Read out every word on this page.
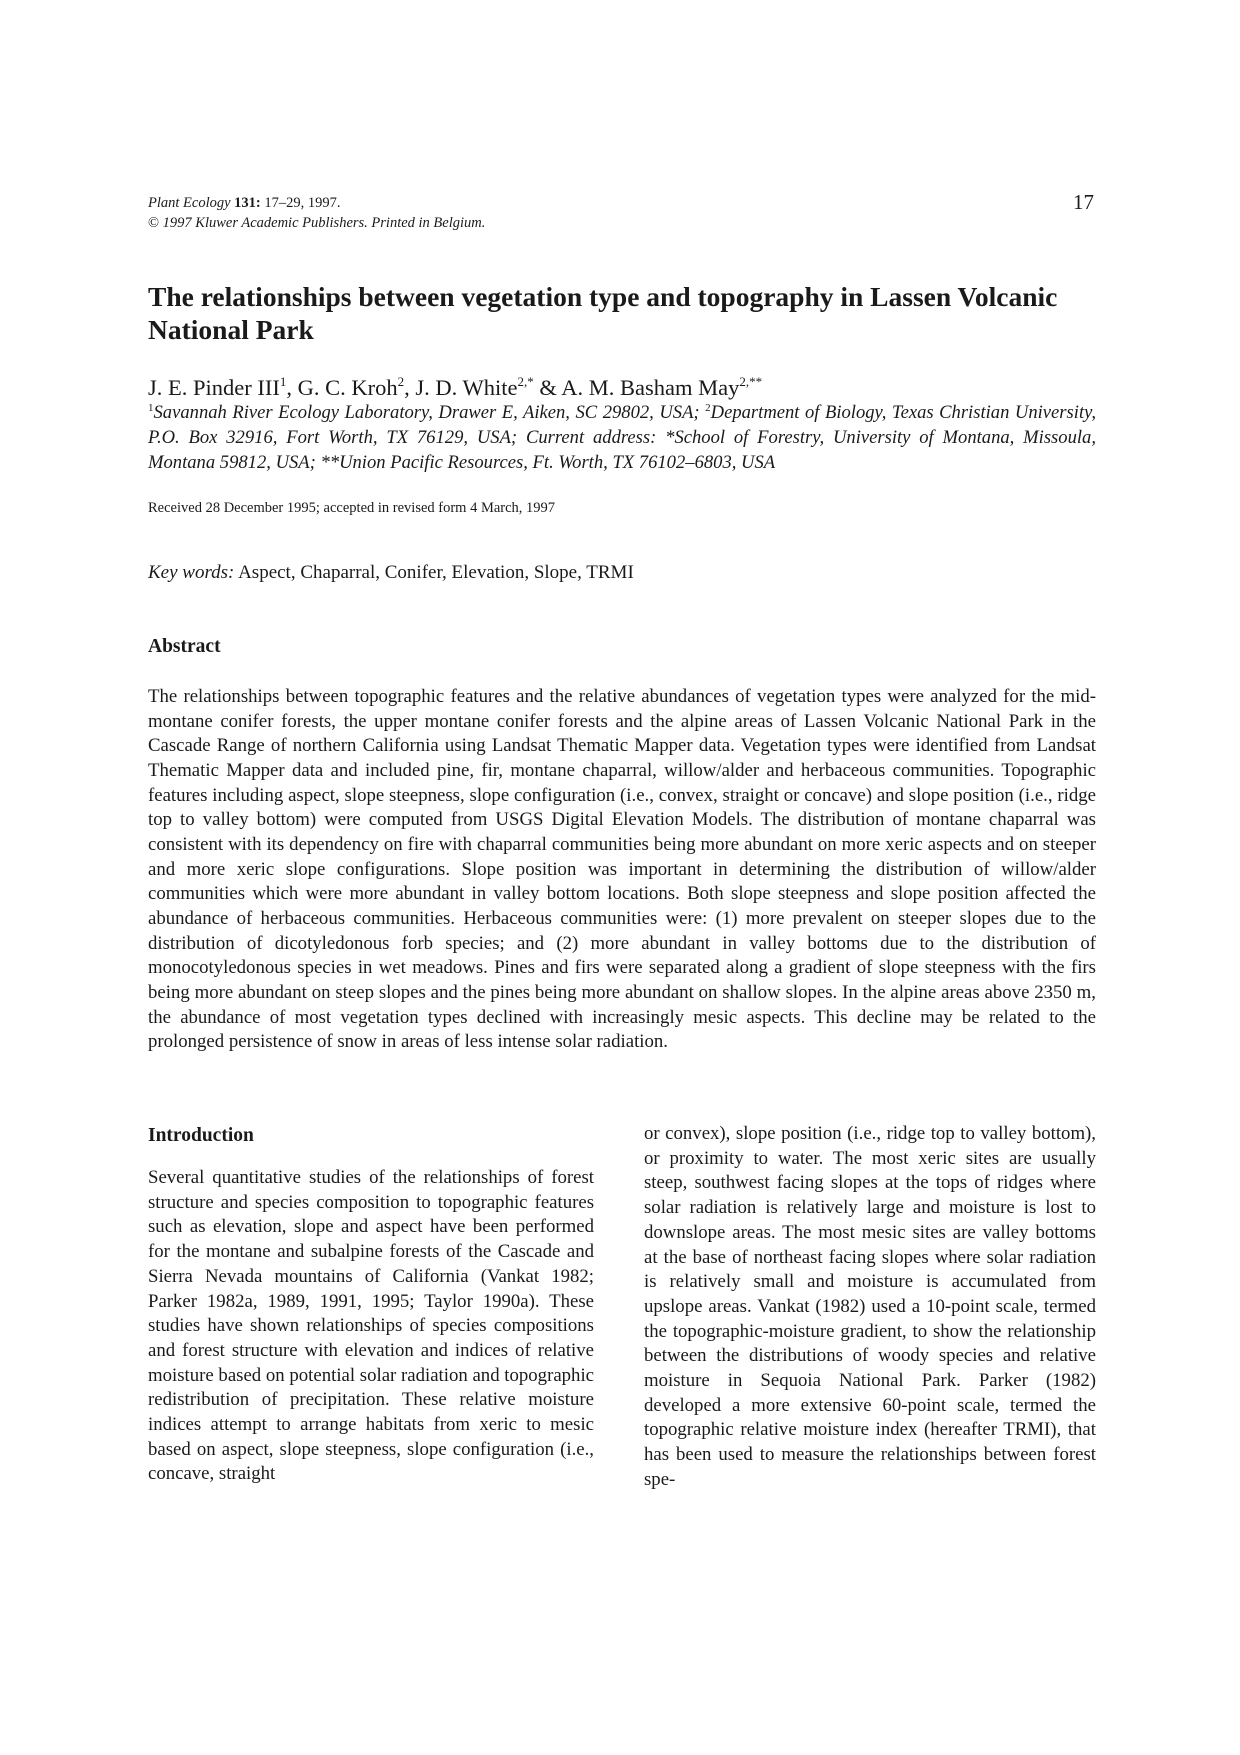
Plant Ecology 131: 17–29, 1997.
© 1997 Kluwer Academic Publishers. Printed in Belgium.
17
The relationships between vegetation type and topography in Lassen Volcanic National Park
J. E. Pinder III$^1$, G. C. Kroh$^2$, J. D. White$^{2,*}$ & A. M. Basham May$^{2,**}$
$^1$Savannah River Ecology Laboratory, Drawer E, Aiken, SC 29802, USA; $^2$Department of Biology, Texas Christian University, P.O. Box 32916, Fort Worth, TX 76129, USA; Current address: *School of Forestry, University of Montana, Missoula, Montana 59812, USA; **Union Pacific Resources, Ft. Worth, TX 76102–6803, USA
Received 28 December 1995; accepted in revised form 4 March, 1997
Key words: Aspect, Chaparral, Conifer, Elevation, Slope, TRMI
Abstract

The relationships between topographic features and the relative abundances of vegetation types were analyzed for the mid-montane conifer forests, the upper montane conifer forests and the alpine areas of Lassen Volcanic National Park in the Cascade Range of northern California using Landsat Thematic Mapper data. Vegetation types were identified from Landsat Thematic Mapper data and included pine, fir, montane chaparral, willow/alder and herbaceous communities. Topographic features including aspect, slope steepness, slope configuration (i.e., convex, straight or concave) and slope position (i.e., ridge top to valley bottom) were computed from USGS Digital Elevation Models. The distribution of montane chaparral was consistent with its dependency on fire with chaparral communities being more abundant on more xeric aspects and on steeper and more xeric slope configurations. Slope position was important in determining the distribution of willow/alder communities which were more abundant in valley bottom locations. Both slope steepness and slope position affected the abundance of herbaceous communities. Herbaceous communities were: (1) more prevalent on steeper slopes due to the distribution of dicotyledonous forb species; and (2) more abundant in valley bottoms due to the distribution of monocotyledonous species in wet meadows. Pines and firs were separated along a gradient of slope steepness with the firs being more abundant on steep slopes and the pines being more abundant on shallow slopes. In the alpine areas above 2350 m, the abundance of most vegetation types declined with increasingly mesic aspects. This decline may be related to the prolonged persistence of snow in areas of less intense solar radiation.

Introduction

Several quantitative studies of the relationships of forest structure and species composition to topographic features such as elevation, slope and aspect have been performed for the montane and subalpine forests of the Cascade and Sierra Nevada mountains of California (Vankat 1982; Parker 1982a, 1989, 1991, 1995; Taylor 1990a). These studies have shown relationships of species compositions and forest structure with elevation and indices of relative moisture based on potential solar radiation and topographic redistribution of precipitation. These relative moisture indices attempt to arrange habitats from xeric to mesic based on aspect, slope steepness, slope configuration (i.e., concave, straight

or convex), slope position (i.e., ridge top to valley bottom), or proximity to water. The most xeric sites are usually steep, southwest facing slopes at the tops of ridges where solar radiation is relatively large and moisture is lost to downslope areas. The most mesic sites are valley bottoms at the base of northeast facing slopes where solar radiation is relatively small and moisture is accumulated from upslope areas. Vankat (1982) used a 10-point scale, termed the topographic-moisture gradient, to show the relationship between the distributions of woody species and relative moisture in Sequoia National Park. Parker (1982) developed a more extensive 60-point scale, termed the topographic relative moisture index (hereafter TRMI), that has been used to measure the relationships between forest spe-
